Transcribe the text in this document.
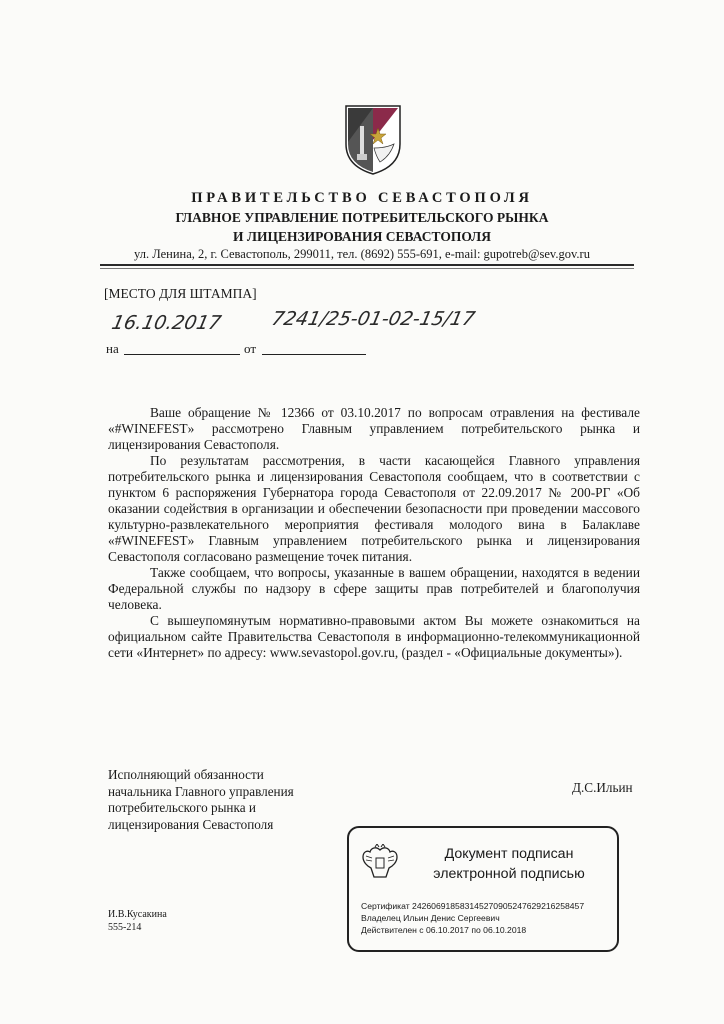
ПРАВИТЕЛЬСТВО СЕВАСТОПОЛЯ
ГЛАВНОЕ УПРАВЛЕНИЕ ПОТРЕБИТЕЛЬСКОГО РЫНКА
И ЛИЦЕНЗИРОВАНИЯ СЕВАСТОПОЛЯ
ул. Ленина, 2, г. Севастополь, 299011, тел. (8692) 555-691, e-mail: gupotreb@sev.gov.ru
[МЕСТО ДЛЯ ШТАМПА]
16.10.2017 7241/25-01-02-15/17
на	от

Ваше обращение № 12366 от 03.10.2017 по вопросам отравления на фестивале «#WINEFEST» рассмотрено Главным управлением потребительского рынка и лицензирования Севастополя.

По результатам рассмотрения, в части касающейся Главного управления потребительского рынка и лицензирования Севастополя сообщаем, что в соответствии с пунктом 6 распоряжения Губернатора города Севастополя от 22.09.2017 № 200-РГ «Об оказании содействия в организации и обеспечении безопасности при проведении массового культурно-развлекательного мероприятия фестиваля молодого вина в Балаклаве «#WINEFEST» Главным управлением потребительского рынка и лицензирования Севастополя согласовано размещение точек питания.

Также сообщаем, что вопросы, указанные в вашем обращении, находятся в ведении Федеральной службы по надзору в сфере защиты прав потребителей и благополучия человека.

С вышеупомянутым нормативно-правовыми актом Вы можете ознакомиться на официальном сайте Правительства Севастополя в информационно-телекоммуникационной сети «Интернет» по адресу: www.sevastopol.gov.ru, (раздел - «Официальные документы»).

Исполняющий обязанности
начальника Главного управления
потребительского рынка и
лицензирования Севастополя
Д.С.Ильин
И.В.Кусакина
555-214
Документ подписан
электронной подписью
Сертификат 242606918583145270905247629216258457
Владелец Ильин Денис Сергеевич
Действителен с 06.10.2017 по 06.10.2018
